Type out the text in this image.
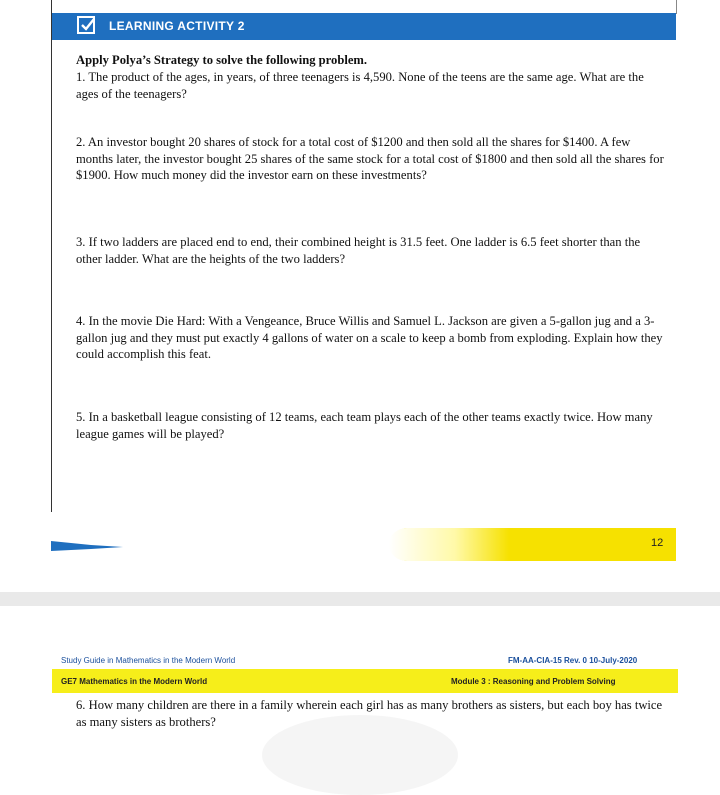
LEARNING ACTIVITY 2

Apply Polya’s Strategy to solve the following problem.

1. The product of the ages, in years, of three teenagers is 4,590. None of the teens are the same age. What are the ages of the teenagers?

2. An investor bought 20 shares of stock for a total cost of $1200 and then sold all the shares for $1400. A few months later, the investor bought 25 shares of the same stock for a total cost of $1800 and then sold all the shares for $1900. How much money did the investor earn on these investments?

3. If two ladders are placed end to end, their combined height is 31.5 feet. One ladder is 6.5 feet shorter than the other ladder. What are the heights of the two ladders?

4. In the movie Die Hard: With a Vengeance, Bruce Willis and Samuel L. Jackson are given a 5-gallon jug and a 3-gallon jug and they must put exactly 4 gallons of water on a scale to keep a bomb from exploding. Explain how they could accomplish this feat.

5. In a basketball league consisting of 12 teams, each team plays each of the other teams exactly twice. How many league games will be played?

12
Study Guide in Mathematics in the Modern World	FM-AA-CIA-15 Rev. 0 10-July-2020
GE7 Mathematics in the Modern World	Module 3 : Reasoning and Problem Solving

6. How many children are there in a family wherein each girl has as many brothers as sisters, but each boy has twice as many sisters as brothers?
